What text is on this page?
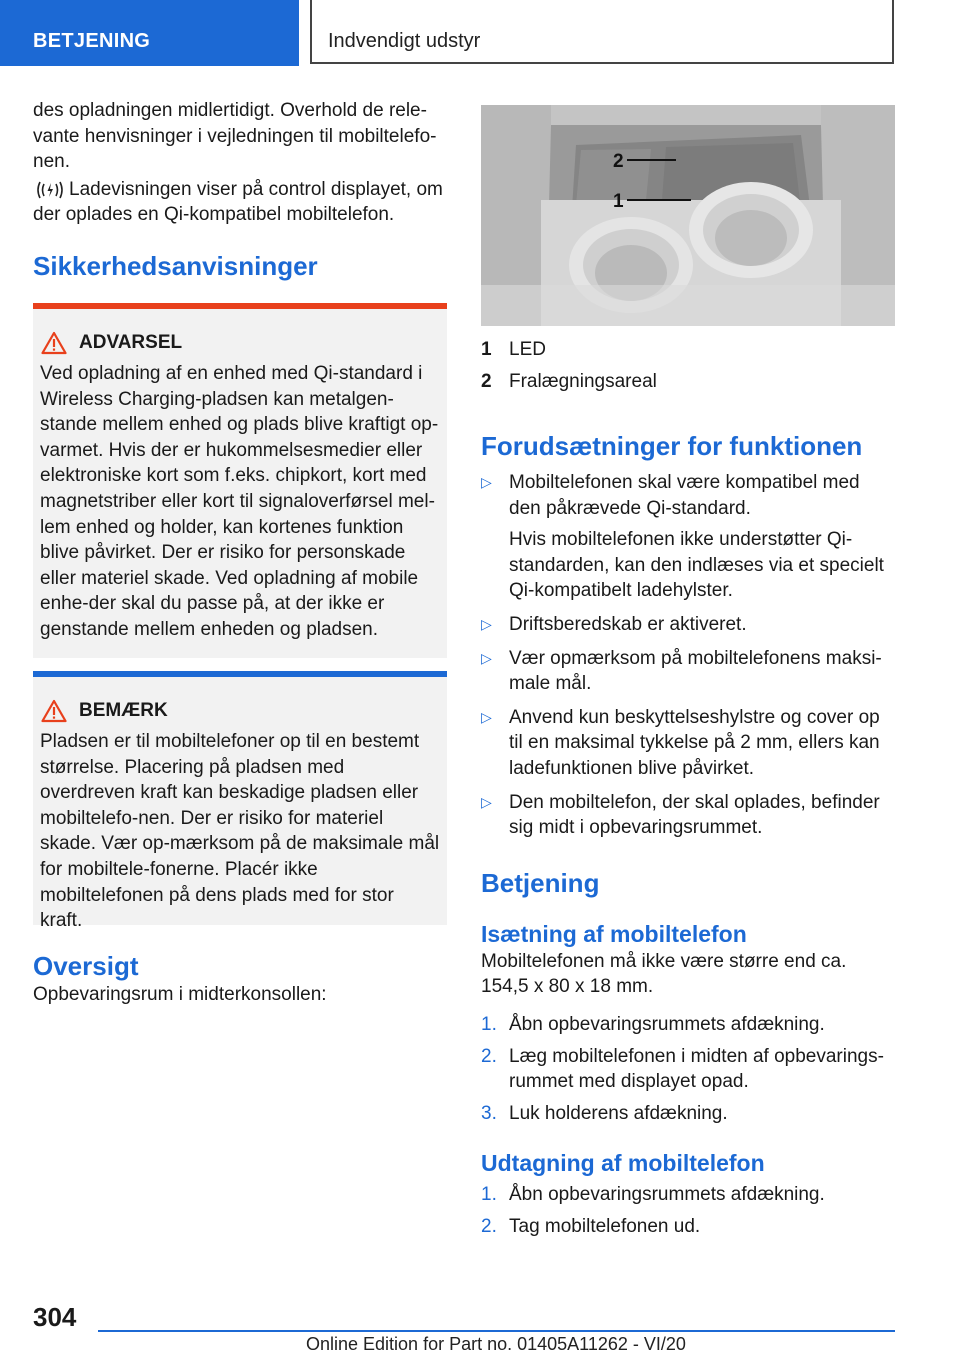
BETJENING	Indvendigt udstyr

des opladningen midlertidigt. Overhold de rele-vante henvisninger i vejledningen til mobiltelefo-nen.

Ladevisningen viser på control displayet, om

der oplades en Qi-kompatibel mobiltelefon.

Sikkerhedsanvisninger
ADVARSEL

Ved opladning af en enhed med Qi-standard i Wireless Charging-pladsen kan metalgen-stande mellem enhed og plads blive kraftigt op-varmet. Hvis der er hukommelsesmedier eller elektroniske kort som f.eks. chipkort, kort med magnetstriber eller kort til signaloverførsel mel-lem enhed og holder, kan kortenes funktion blive påvirket. Der er risiko for personskade eller materiel skade. Ved opladning af mobile enhe-der skal du passe på, at der ikke er genstande mellem enheden og pladsen.

BEMÆRK

Pladsen er til mobiltelefoner op til en bestemt størrelse. Placering på pladsen med overdreven kraft kan beskadige pladsen eller mobiltelefo-nen. Der er risiko for materiel skade. Vær op-mærksom på de maksimale mål for mobiltele-fonerne. Placér ikke mobiltelefonen på dens plads med for stor kraft.

Oversigt

Opbevaringsrum i midterkonsollen:

2
1
1 LED
2 Fralægningsareal
Forudsætninger for funktionen
▷ Mobiltelefonen skal være kompatibel med den påkrævede Qi-standard.

Hvis mobiltelefonen ikke understøtter Qi-standarden, kan den indlæses via et specielt Qi-kompatibelt ladehylster.

▷ Driftsberedskab er aktiveret.

▷ Vær opmærksom på mobiltelefonens maksi-male mål.

▷ Anvend kun beskyttelseshylstre og cover op til en maksimal tykkelse på 2 mm, ellers kan ladefunktionen blive påvirket.

▷ Den mobiltelefon, der skal oplades, befinder sig midt i opbevaringsrummet.

Betjening
Isætning af mobiltelefon

Mobiltelefonen må ikke være større end ca. 154,5 x 80 x 18 mm.

1. Åbn opbevaringsrummets afdækning.

2. Læg mobiltelefonen i midten af opbevarings-rummet med displayet opad.

3. Luk holderens afdækning.

Udtagning af mobiltelefon

1. Åbn opbevaringsrummets afdækning.

2. Tag mobiltelefonen ud.

304
Online Edition for Part no. 01405A11262 - VI/20
